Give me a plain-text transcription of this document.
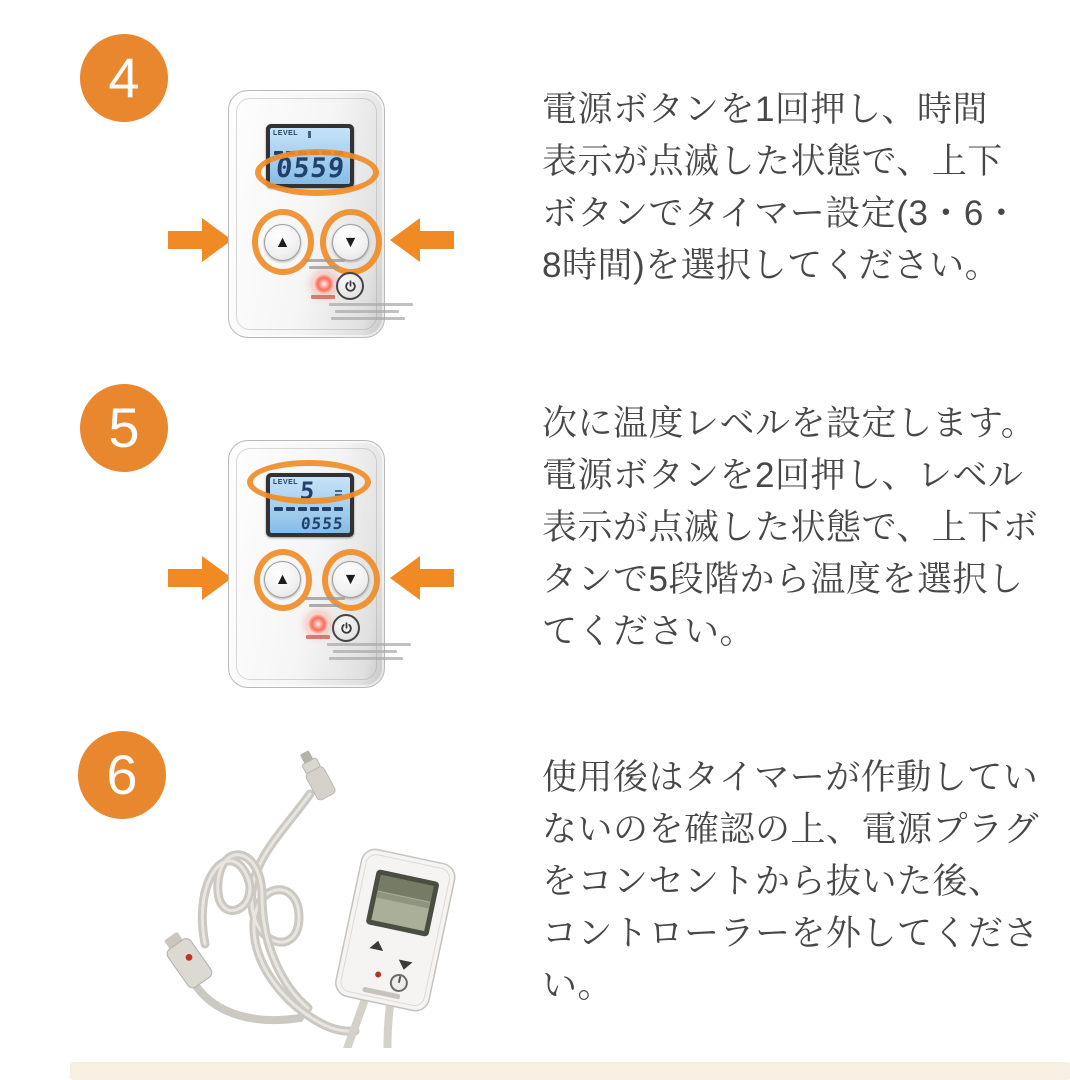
4
LEVEL
0559
▲	▼
電源ボタンを1回押し、時間
表示が点滅した状態で、上下
ボタンでタイマー設定(3・6・
8時間)を選択してください。
5
LEVEL 5
0555
▲	▼
次に温度レベルを設定します。
電源ボタンを2回押し、レベル
表示が点滅した状態で、上下ボ
タンで5段階から温度を選択し
てください。
6	使用後はタイマーが作動してい
ないのを確認の上、電源プラグ
をコンセントから抜いた後、
コントローラーを外してくださ
い。
